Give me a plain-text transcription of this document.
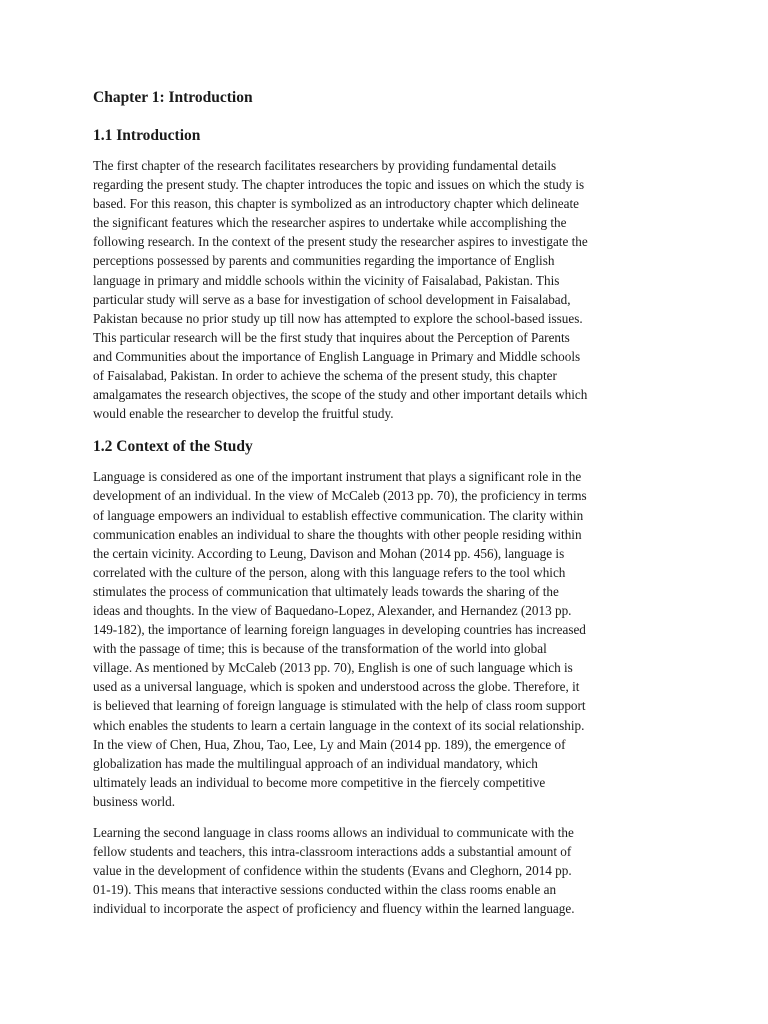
Chapter 1: Introduction
1.1 Introduction
The first chapter of the research facilitates researchers by providing fundamental details
regarding the present study. The chapter introduces the topic and issues on which the study is
based. For this reason, this chapter is symbolized as an introductory chapter which delineate
the significant features which the researcher aspires to undertake while accomplishing the
following research. In the context of the present study the researcher aspires to investigate the
perceptions possessed by parents and communities regarding the importance of English
language in primary and middle schools within the vicinity of Faisalabad, Pakistan. This
particular study will serve as a base for investigation of school development in Faisalabad,
Pakistan because no prior study up till now has attempted to explore the school-based issues.
This particular research will be the first study that inquires about the Perception of Parents
and Communities about the importance of English Language in Primary and Middle schools
of Faisalabad, Pakistan. In order to achieve the schema of the present study, this chapter
amalgamates the research objectives, the scope of the study and other important details which
would enable the researcher to develop the fruitful study.
1.2 Context of the Study
Language is considered as one of the important instrument that plays a significant role in the
development of an individual. In the view of McCaleb (2013 pp. 70), the proficiency in terms
of language empowers an individual to establish effective communication. The clarity within
communication enables an individual to share the thoughts with other people residing within
the certain vicinity. According to Leung, Davison and Mohan (2014 pp. 456), language is
correlated with the culture of the person, along with this language refers to the tool which
stimulates the process of communication that ultimately leads towards the sharing of the
ideas and thoughts. In the view of Baquedano-Lopez, Alexander, and Hernandez (2013 pp.
149-182), the importance of learning foreign languages in developing countries has increased
with the passage of time; this is because of the transformation of the world into global
village. As mentioned by McCaleb (2013 pp. 70), English is one of such language which is
used as a universal language, which is spoken and understood across the globe. Therefore, it
is believed that learning of foreign language is stimulated with the help of class room support
which enables the students to learn a certain language in the context of its social relationship.
In the view of Chen, Hua, Zhou, Tao, Lee, Ly and Main (2014 pp. 189), the emergence of
globalization has made the multilingual approach of an individual mandatory, which
ultimately leads an individual to become more competitive in the fiercely competitive
business world.
Learning the second language in class rooms allows an individual to communicate with the
fellow students and teachers, this intra-classroom interactions adds a substantial amount of
value in the development of confidence within the students (Evans and Cleghorn, 2014 pp.
01-19). This means that interactive sessions conducted within the class rooms enable an
individual to incorporate the aspect of proficiency and fluency within the learned language.
